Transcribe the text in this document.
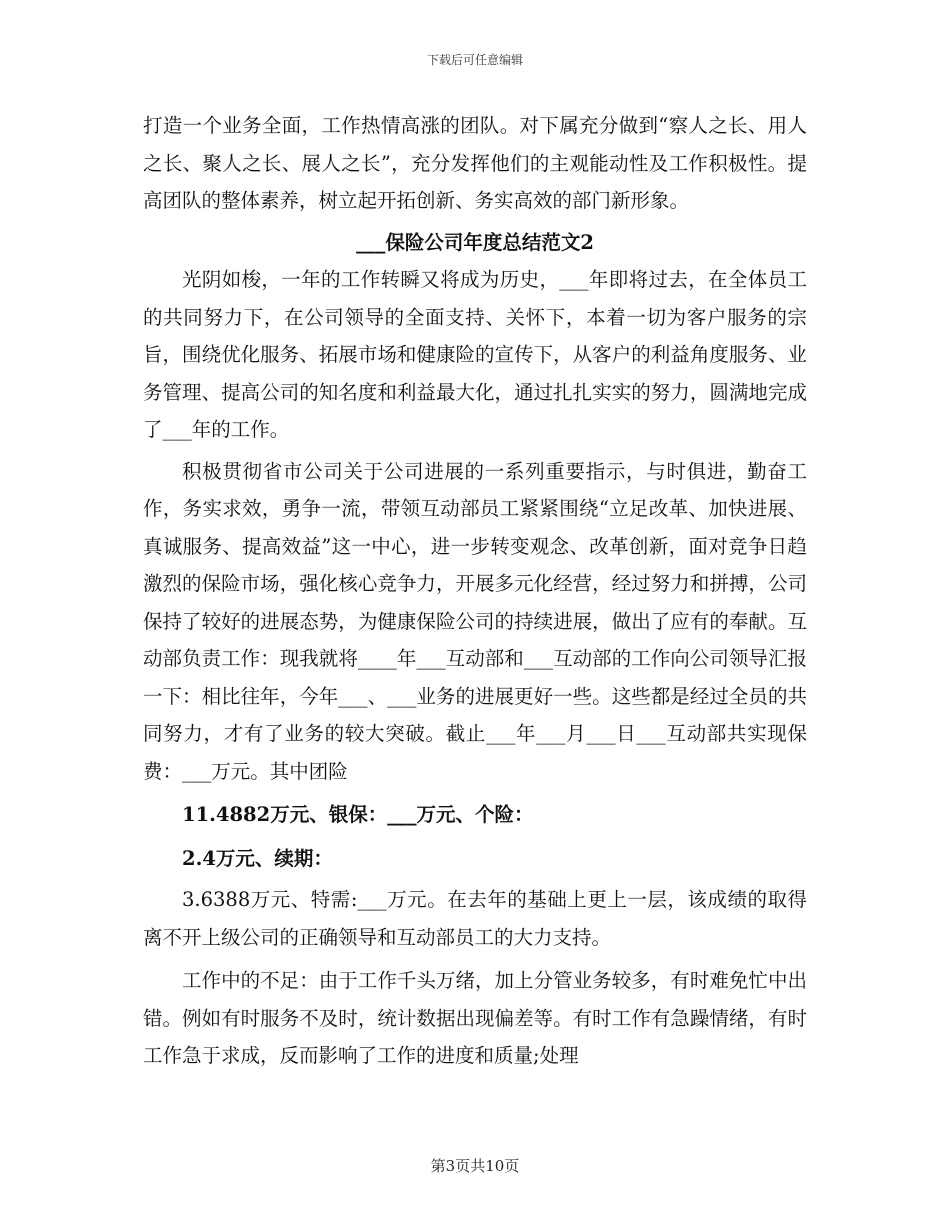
下载后可任意编辑

打造一个业务全面，工作热情高涨的团队。对下属充分做到“察人之长、用人之长、聚人之长、展人之长”，充分发挥他们的主观能动性及工作积极性。提高团队的整体素养，树立起开拓创新、务实高效的部门新形象。

___保险公司年度总结范文2

光阴如梭，一年的工作转瞬又将成为历史，___年即将过去，在全体员工的共同努力下，在公司领导的全面支持、关怀下，本着一切为客户服务的宗旨，围绕优化服务、拓展市场和健康险的宣传下，从客户的利益角度服务、业务管理、提高公司的知名度和利益最大化，通过扎扎实实的努力，圆满地完成了___年的工作。

积极贯彻省市公司关于公司进展的一系列重要指示，与时俱进，勤奋工作，务实求效，勇争一流，带领互动部员工紧紧围绕“立足改革、加快进展、真诚服务、提高效益”这一中心，进一步转变观念、改革创新，面对竞争日趋激烈的保险市场，强化核心竞争力，开展多元化经营，经过努力和拼搏，公司保持了较好的进展态势，为健康保险公司的持续进展，做出了应有的奉献。互动部负责工作：现我就将____年___互动部和___互动部的工作向公司领导汇报一下：相比往年，今年___、___业务的进展更好一些。这些都是经过全员的共同努力，才有了业务的较大突破。截止___年___月___日___互动部共实现保费：___万元。其中团险

11.4882万元、银保：___万元、个险：

2.4万元、续期：

3.6388万元、特需:___万元。在去年的基础上更上一层，该成绩的取得离不开上级公司的正确领导和互动部员工的大力支持。

工作中的不足：由于工作千头万绪，加上分管业务较多，有时难免忙中出错。例如有时服务不及时，统计数据出现偏差等。有时工作有急躁情绪，有时工作急于求成，反而影响了工作的进度和质量;处理

第3页共10页
